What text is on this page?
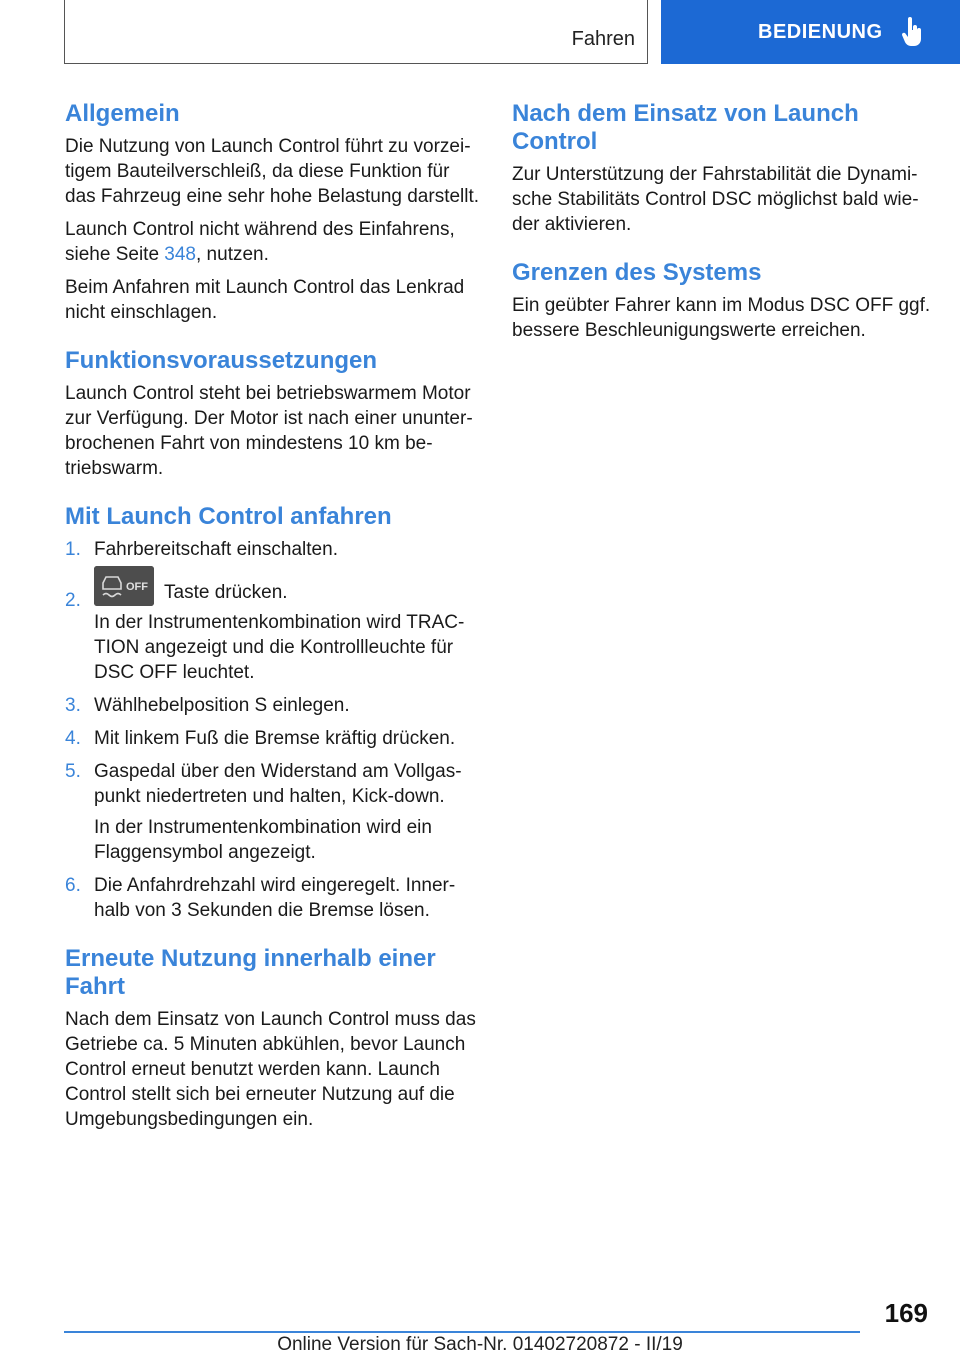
Fahren	BEDIENUNG
Allgemein

Die Nutzung von Launch Control führt zu vorzeitigem Bauteilverschleiß, da diese Funktion für das Fahrzeug eine sehr hohe Belastung darstellt.

Launch Control nicht während des Einfahrens, siehe Seite 348, nutzen.

Beim Anfahren mit Launch Control das Lenkrad nicht einschlagen.

Funktionsvoraussetzungen

Launch Control steht bei betriebswarmem Motor zur Verfügung. Der Motor ist nach einer ununterbrochenen Fahrt von mindestens 10 km betriebswarm.

Mit Launch Control anfahren
1. Fahrbereitschaft einschalten.

2.
OFF Taste drücken.

In der Instrumentenkombination wird TRACTION angezeigt und die Kontrollleuchte für DSC OFF leuchtet.

3. Wählhebelposition S einlegen.

4. Mit linkem Fuß die Bremse kräftig drücken.

5. Gaspedal über den Widerstand am Vollgaspunkt niedertreten und halten, Kick-down.

In der Instrumentenkombination wird ein Flaggensymbol angezeigt.

6. Die Anfahrdrehzahl wird eingeregelt. Innerhalb von 3 Sekunden die Bremse lösen.

Erneute Nutzung innerhalb einer Fahrt

Nach dem Einsatz von Launch Control muss das Getriebe ca. 5 Minuten abkühlen, bevor Launch Control erneut benutzt werden kann. Launch Control stellt sich bei erneuter Nutzung auf die Umgebungsbedingungen ein.

Nach dem Einsatz von Launch Control

Zur Unterstützung der Fahrstabilität die Dynamische Stabilitäts Control DSC möglichst bald wieder aktivieren.

Grenzen des Systems

Ein geübter Fahrer kann im Modus DSC OFF ggf. bessere Beschleunigungswerte erreichen.

169
Online Version für Sach-Nr. 01402720872 - II/19
